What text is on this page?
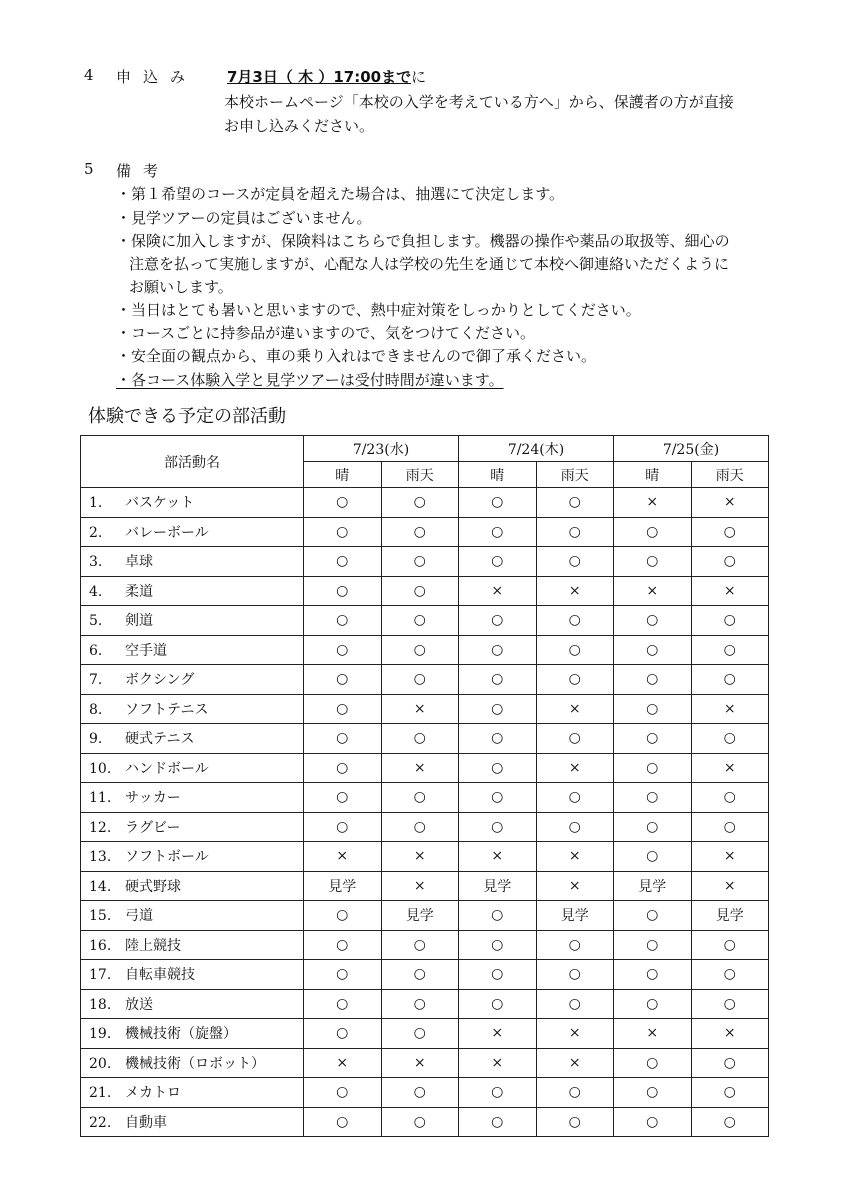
4 申込み 7月3日（ 木 ）17:00までに
本校ホームページ「本校の入学を考えている方へ」から、保護者の方が直接
お申し込みください。
5 備考
・第１希望のコースが定員を超えた場合は、抽選にて決定します。
・見学ツアーの定員はございません。
・保険に加入しますが、保険料はこちらで負担します。機器の操作や薬品の取扱等、細心の
注意を払って実施しますが、心配な人は学校の先生を通じて本校へ御連絡いただくように
お願いします。
・当日はとても暑いと思いますので、熱中症対策をしっかりとしてください。
・コースごとに持参品が違いますので、気をつけてください。
・安全面の観点から、車の乗り入れはできませんので御了承ください。
・各コース体験入学と見学ツアーは受付時間が違います。
体験できる予定の部活動
部活動名	7/23(水)		7/24(木)		7/25(金)	
	晴	雨天	晴	雨天	晴	雨天
1. バスケット	○	○	○	○	×	×
2. バレーボール	○	○	○	○	○	○
3. 卓球	○	○	○	○	○	○
4. 柔道	○	○	×	×	×	×
5. 剣道	○	○	○	○	○	○
6. 空手道	○	○	○	○	○	○
7. ボクシング	○	○	○	○	○	○
8. ソフトテニス	○	×	○	×	○	×
9. 硬式テニス	○	○	○	○	○	○
10. ハンドボール	○	×	○	×	○	×
11. サッカー	○	○	○	○	○	○
12. ラグビー	○	○	○	○	○	○
13. ソフトボール	×	×	×	×	○	×
14. 硬式野球	見学	×	見学	×	見学	×
15. 弓道	○	見学	○	見学	○	見学
16. 陸上競技	○	○	○	○	○	○
17. 自転車競技	○	○	○	○	○	○
18. 放送	○	○	○	○	○	○
19. 機械技術（旋盤）	○	○	×	×	×	×
20. 機械技術（ロボット）	×	×	×	×	○	○
21. メカトロ	○	○	○	○	○	○
22. 自動車	○	○	○	○	○	○
